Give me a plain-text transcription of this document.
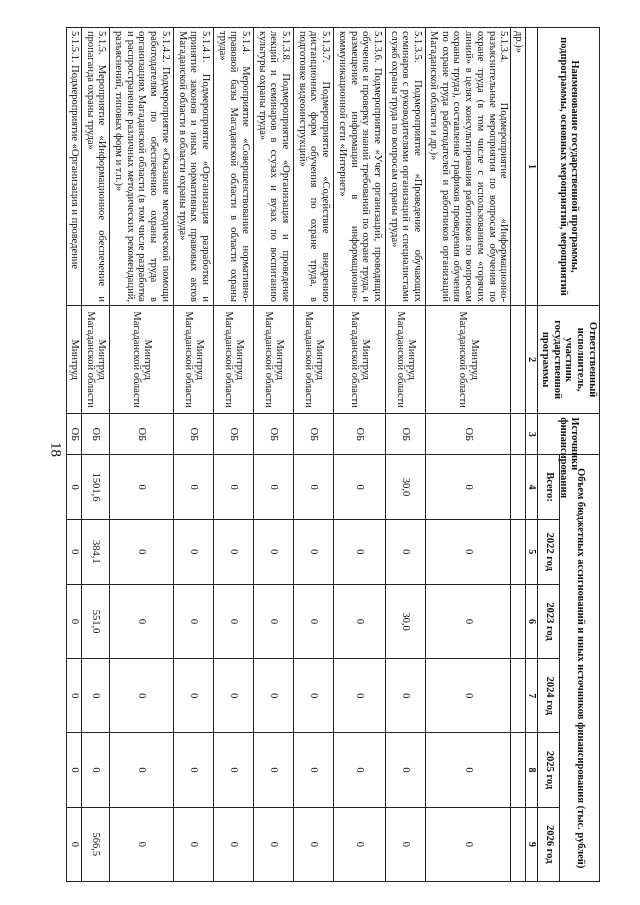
18
Наименование государственной программы, подпрограммы, основных мероприятий, мероприятий	Ответственный исполнитель, участник государственной программы	Источники финансирования	Объем бюджетных ассигнований и иных источников финансирования (тыс. рублей)					
			Всего:	2022 год	2023 год	2024 год	2025 год	2026 год
1	2	3	4	5	6	7	8	9
др.)»								
5.1.3.4. Подмероприятие «Информационно-разъяснительные мероприятия по вопросам обучения по охране труда (в том числе с использованием «горячих линий» в целях консультирования работников по вопросам охраны труда), составление графиков проведения обучения по охране труда работодателей и работников организаций Магаданской области и др.)»	Минтруд Магаданской области	ОБ	0	0	0	0	0	0
5.1.3.5. Подмероприятие «Проведение обучающих семинаров с руководителями организаций и специалистами служб охраны труда по вопросам охраны труда»	Минтруд Магаданской области	ОБ	30,0	0	30,0	0	0	0
5.1.3.6. Подмероприятие «Учет организаций, проводящих обучение и проверку знаний требований по охране труда, и размещение информации в информационно-коммуникационной сети «Интернет»	Минтруд Магаданской области	ОБ	0	0	0	0	0	0
5.1.3.7. Подмероприятие «Содействие внедрению дистанционных форм обучения по охране труда, в подготовке видеоинструкций»	Минтруд Магаданской области	ОБ	0	0	0	0	0	0
5.1.3.8. Подмероприятие «Организация и проведение лекций и семинаров в ссузах и вузах по воспитанию культуры охраны труда»	Минтруд Магаданской области	ОБ	0	0	0	0	0	0
5.1.4. Мероприятие «Совершенствование нормативно-правовой базы Магаданской области в области охраны труда»	Минтруд Магаданской области	ОБ	0	0	0	0	0	0
5.1.4.1. Подмероприятие «Организация разработки и принятие законов и иных нормативных правовых актов Магаданской области в области охраны труда»	Минтруд Магаданской области	ОБ	0	0	0	0	0	0
5.1.4.2. Подмероприятие «Оказание методической помощи работодателям по обеспечению охраны труда в организациях Магаданской области (в том числе разработка и распространение различных методических рекомендаций, разъяснений, типовых форм и т.п.)»	Минтруд Магаданской области	ОБ	0	0	0	0	0	0
5.1.5. Мероприятие «Информационное обеспечение и пропаганда охраны труда»	Минтруд Магаданской области	ОБ	1501,6	384,1	551,0	0	0	566,5
5.1.5.1. Подмероприятие «Организация и проведение	Минтруд	ОБ	0	0	0	0	0	0
